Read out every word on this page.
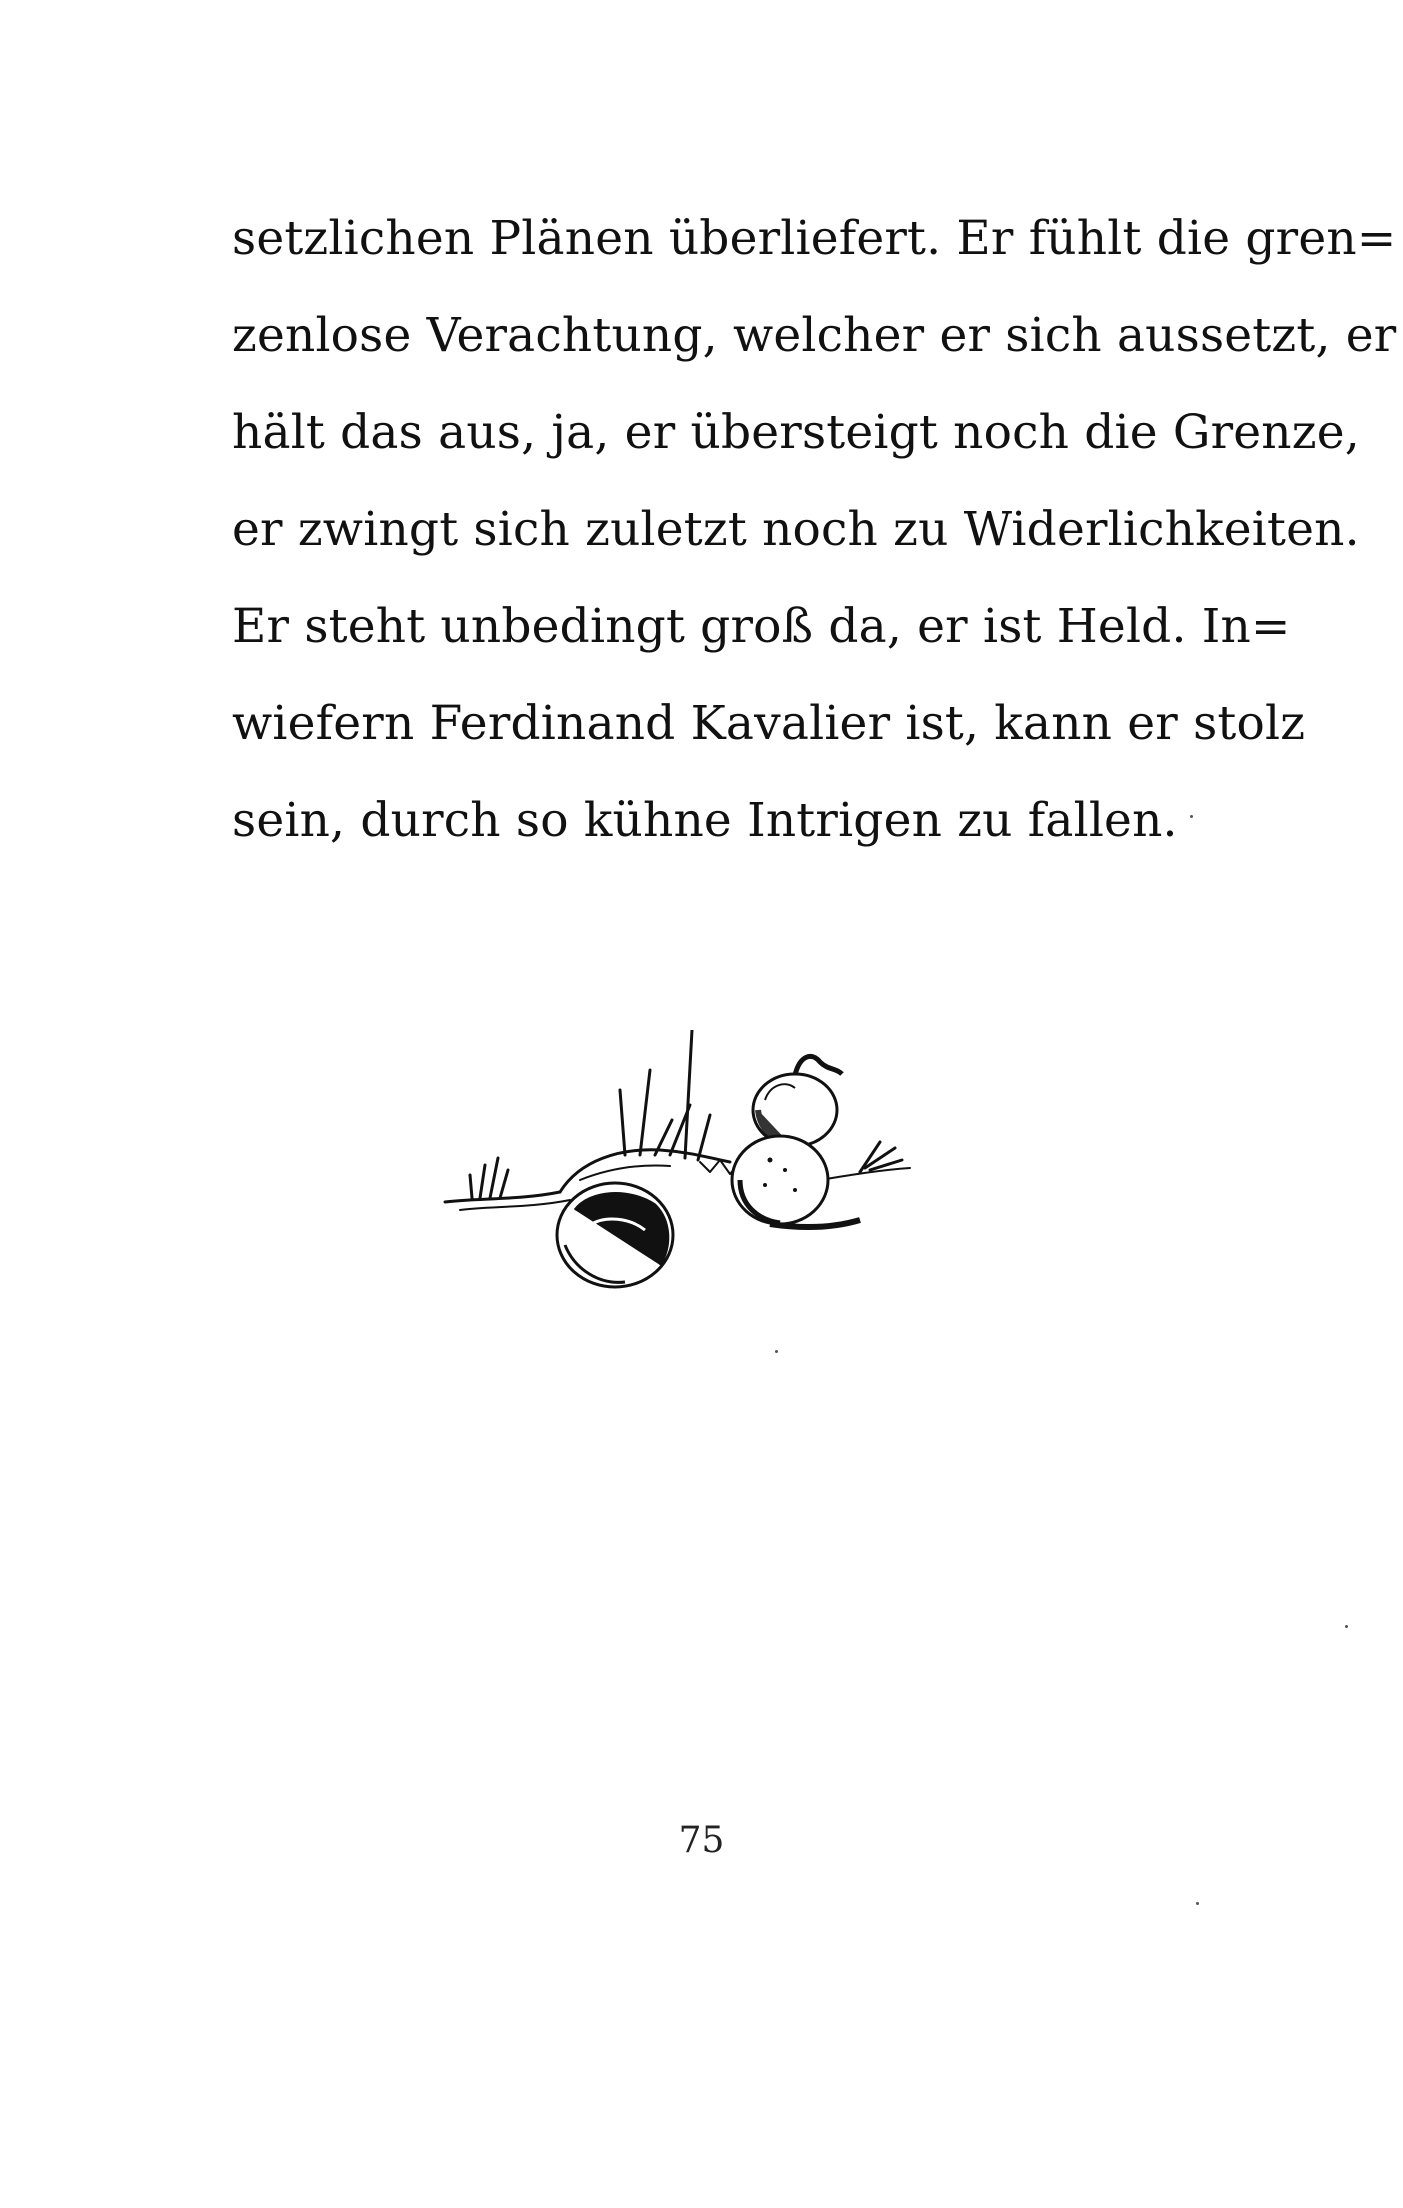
setzlichen Plänen überliefert. Er fühlt die gren=
zenlose Verachtung, welcher er sich aussetzt, er
hält das aus, ja, er übersteigt noch die Grenze,
er zwingt sich zuletzt noch zu Widerlichkeiten.
Er steht unbedingt groß da, er ist Held. In=
wiefern Ferdinand Kavalier ist, kann er stolz
sein, durch so kühne Intrigen zu fallen.
75
